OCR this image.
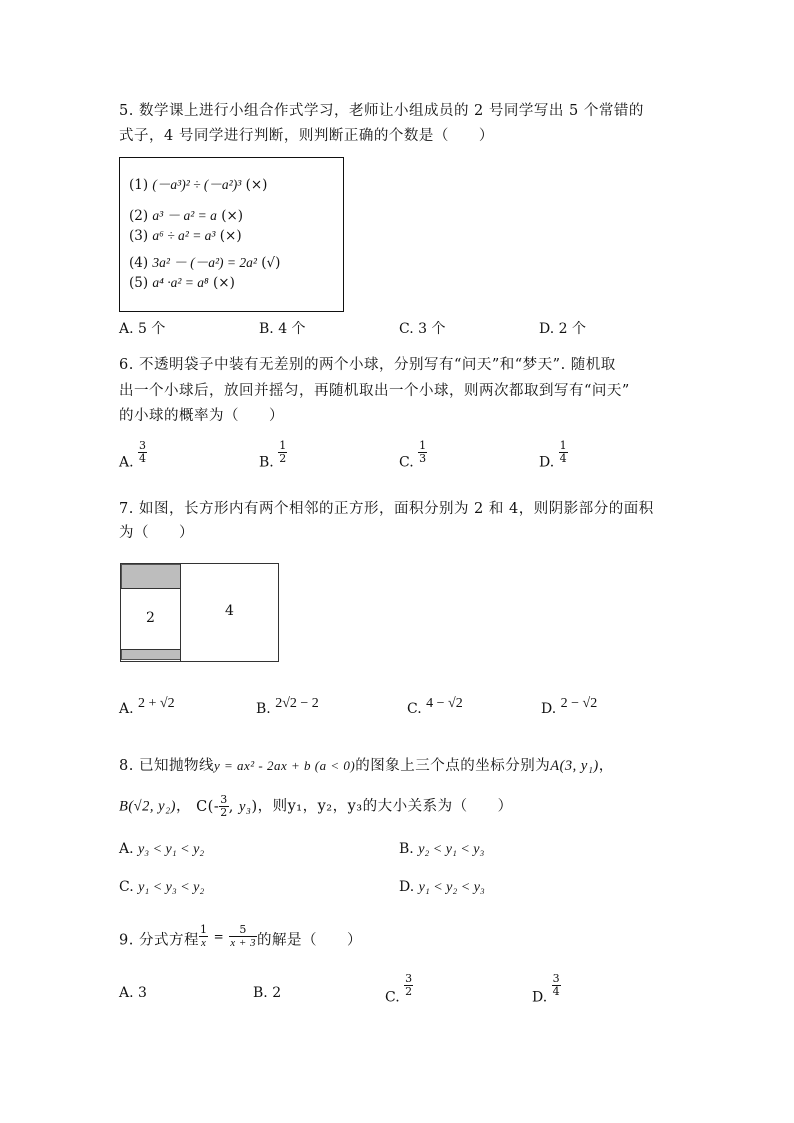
5. 数学课上进行小组合作式学习，老师让小组成员的 2 号同学写出 5 个常错的
式子，4 号同学进行判断，则判断正确的个数是（　　）
(1) (－a³)² ÷ (－a²)³ (×)
(2) a³ － a² = a (×)
(3) a⁶ ÷ a² = a³ (×)
(4) 3a² － (－a²) = 2a² (√)
(5) a⁴ ·a² = a⁸ (×)
A. 5 个	B. 4 个	C. 3 个	D. 2 个
6. 不透明袋子中装有无差别的两个小球，分别写有“问天”和“梦天”. 随机取
出一个小球后，放回并摇匀，再随机取出一个小球，则两次都取到写有“问天”
的小球的概率为（　　）
A. $\frac{3}{4}$	B. $\frac{1}{2}$	C. $\frac{1}{3}$	D. $\frac{1}{4}$
7. 如图，长方形内有两个相邻的正方形，面积分别为 2 和 4，则阴影部分的面积
为（　　）
2	4
A. 2 + √2	B. 2√2 − 2	C. 4 − √2	D. 2 − √2
8. 已知抛物线y = ax² - 2ax + b (a < 0)的图象上三个点的坐标分别为A(3, y₁)，
B(√2, y₂)， $C(- \frac{3}{2}$ , y₃)，则y₁，y₂，y₃的大小关系为（　　）
A. y₃ < y₁ < y₂	B. y₂ < y₁ < y₃
C. y₁ < y₃ < y₂	D. y₁ < y₂ < y₃
9. 分式方程 $\frac{1}{x} = \frac{5}{x + 3}$ 的解是（　　）
A. 3	B. 2	C. $\frac{3}{2}$	D. $\frac{3}{4}$
